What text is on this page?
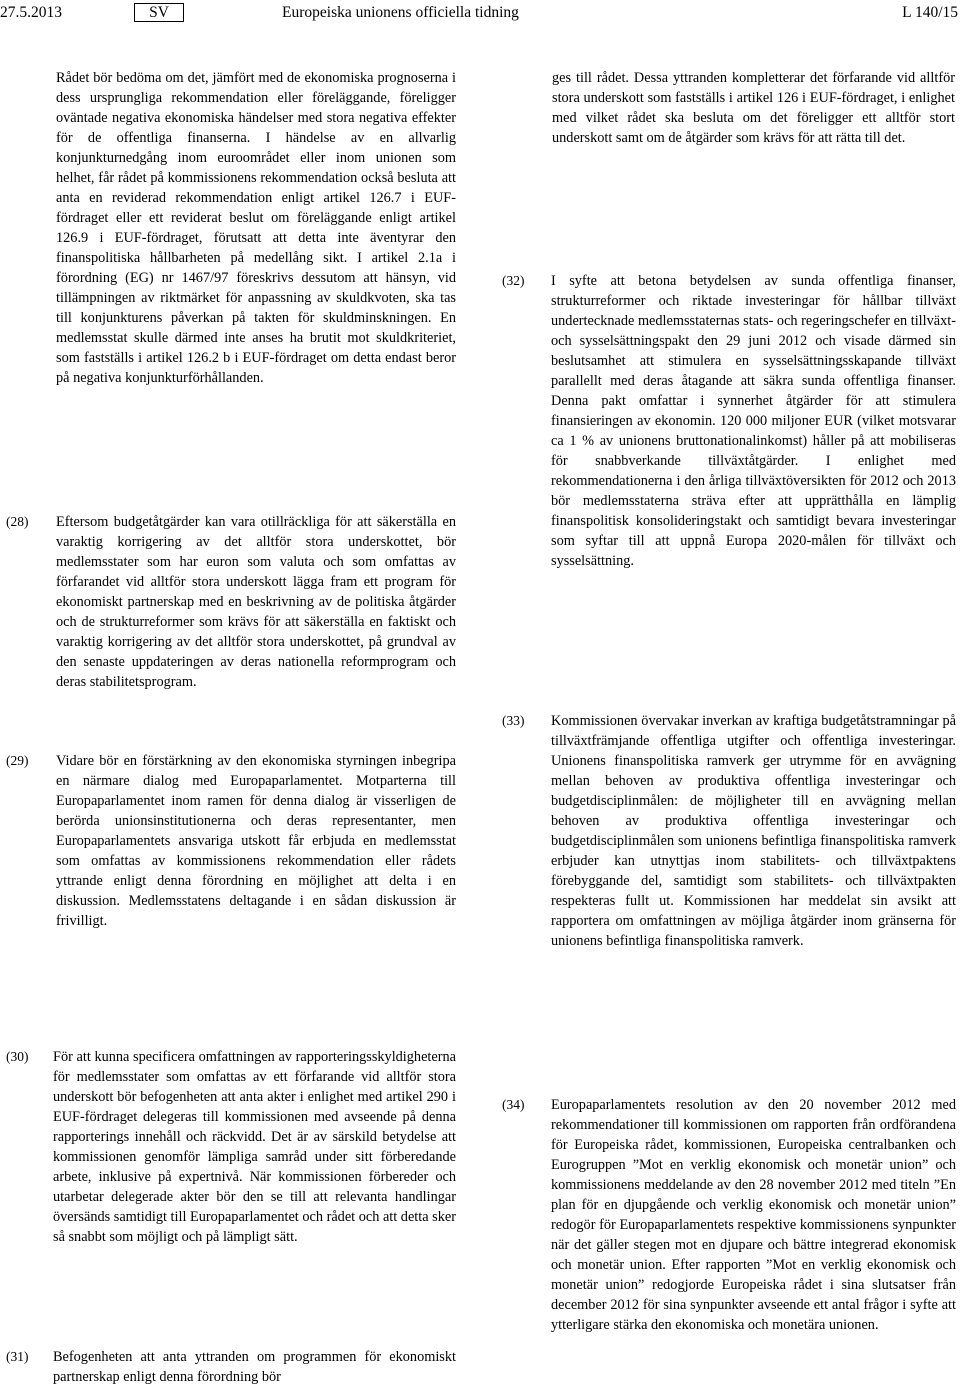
27.5.2013	SV	Europeiska unionens officiella tidning	L 140/15
Rådet bör bedöma om det, jämfört med de ekonomiska prognoserna i dess ursprungliga rekommendation eller föreläggande, föreligger oväntade negativa ekonomiska händelser med stora negativa effekter för de offentliga finanserna. I händelse av en allvarlig konjunkturnedgång inom euroområdet eller inom unionen som helhet, får rådet på kommissionens rekommendation också besluta att anta en reviderad rekommendation enligt artikel 126.7 i EUF-fördraget eller ett reviderat beslut om föreläggande enligt artikel 126.9 i EUF-fördraget, förutsatt att detta inte äventyrar den finanspolitiska hållbarheten på medellång sikt. I artikel 2.1a i förordning (EG) nr 1467/97 föreskrivs dessutom att hänsyn, vid tillämpningen av riktmärket för anpassning av skuldkvoten, ska tas till konjunkturens påverkan på takten för skuldminskningen. En medlemsstat skulle därmed inte anses ha brutit mot skuldkriteriet, som fastställs i artikel 126.2 b i EUF-fördraget om detta endast beror på negativa konjunkturförhållanden.
ges till rådet. Dessa yttranden kompletterar det förfarande vid alltför stora underskott som fastställs i artikel 126 i EUF-fördraget, i enlighet med vilket rådet ska besluta om det föreligger ett alltför stort underskott samt om de åtgärder som krävs för att rätta till det.
(28) Eftersom budgetåtgärder kan vara otillräckliga för att säkerställa en varaktig korrigering av det alltför stora underskottet, bör medlemsstater som har euron som valuta och som omfattas av förfarandet vid alltför stora underskott lägga fram ett program för ekonomiskt partnerskap med en beskrivning av de politiska åtgärder och de strukturreformer som krävs för att säkerställa en faktiskt och varaktig korrigering av det alltför stora underskottet, på grundval av den senaste uppdateringen av deras nationella reformprogram och deras stabilitetsprogram.
(29) Vidare bör en förstärkning av den ekonomiska styrningen inbegripa en närmare dialog med Europaparlamentet. Motparterna till Europaparlamentet inom ramen för denna dialog är visserligen de berörda unionsinstitutionerna och deras representanter, men Europaparlamentets ansvariga utskott får erbjuda en medlemsstat som omfattas av kommissionens rekommendation eller rådets yttrande enligt denna förordning en möjlighet att delta i en diskussion. Medlemsstatens deltagande i en sådan diskussion är frivilligt.
(30) För att kunna specificera omfattningen av rapporteringsskyldigheterna för medlemsstater som omfattas av ett förfarande vid alltför stora underskott bör befogenheten att anta akter i enlighet med artikel 290 i EUF-fördraget delegeras till kommissionen med avseende på denna rapporterings innehåll och räckvidd. Det är av särskild betydelse att kommissionen genomför lämpliga samråd under sitt förberedande arbete, inklusive på expertnivå. När kommissionen förbereder och utarbetar delegerade akter bör den se till att relevanta handlingar översänds samtidigt till Europaparlamentet och rådet och att detta sker så snabbt som möjligt och på lämpligt sätt.
(31) Befogenheten att anta yttranden om programmen för ekonomiskt partnerskap enligt denna förordning bör
(32) I syfte att betona betydelsen av sunda offentliga finanser, strukturreformer och riktade investeringar för hållbar tillväxt undertecknade medlemsstaternas stats- och regeringschefer en tillväxt- och sysselsättningspakt den 29 juni 2012 och visade därmed sin beslutsamhet att stimulera en sysselsättningsskapande tillväxt parallellt med deras åtagande att säkra sunda offentliga finanser. Denna pakt omfattar i synnerhet åtgärder för att stimulera finansieringen av ekonomin. 120 000 miljoner EUR (vilket motsvarar ca 1 % av unionens bruttonationalinkomst) håller på att mobiliseras för snabbverkande tillväxtåtgärder. I enlighet med rekommendationerna i den årliga tillväxtöversikten för 2012 och 2013 bör medlemsstaterna sträva efter att upprätthålla en lämplig finanspolitisk konsolideringstakt och samtidigt bevara investeringar som syftar till att uppnå Europa 2020-målen för tillväxt och sysselsättning.
(33) Kommissionen övervakar inverkan av kraftiga budgetåtstramningar på tillväxtfrämjande offentliga utgifter och offentliga investeringar. Unionens finanspolitiska ramverk ger utrymme för en avvägning mellan behoven av produktiva offentliga investeringar och budgetdisciplinmålen: de möjligheter till en avvägning mellan behoven av produktiva offentliga investeringar och budgetdisciplinmålen som unionens befintliga finanspolitiska ramverk erbjuder kan utnyttjas inom stabilitets- och tillväxtpaktens förebyggande del, samtidigt som stabilitets- och tillväxtpakten respekteras fullt ut. Kommissionen har meddelat sin avsikt att rapportera om omfattningen av möjliga åtgärder inom gränserna för unionens befintliga finanspolitiska ramverk.
(34) Europaparlamentets resolution av den 20 november 2012 med rekommendationer till kommissionen om rapporten från ordförandena för Europeiska rådet, kommissionen, Europeiska centralbanken och Eurogruppen ”Mot en verklig ekonomisk och monetär union” och kommissionens meddelande av den 28 november 2012 med titeln ”En plan för en djupgående och verklig ekonomisk och monetär union” redogör för Europaparlamentets respektive kommissionens synpunkter när det gäller stegen mot en djupare och bättre integrerad ekonomisk och monetär union. Efter rapporten ”Mot en verklig ekonomisk och monetär union” redogjorde Europeiska rådet i sina slutsatser från december 2012 för sina synpunkter avseende ett antal frågor i syfte att ytterligare stärka den ekonomiska och monetära unionen.
